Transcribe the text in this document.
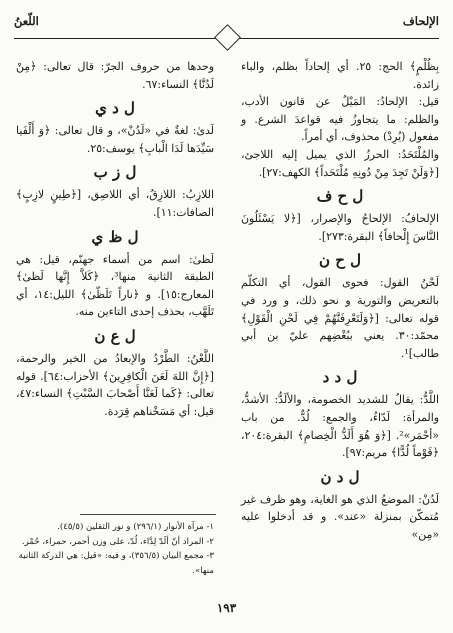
الإلحاف
اللّعنُ

بِظُلْمٍ﴾ الحج: ٢٥. أي إلحاداً بظلم، والباء زائدة.

قيل: الإلحادُ: المَيْلُ عن قانون الأدب، والظلم: ما يتجاوزُ فيه قواعدَ الشرع. و مفعول (يُرِدْ) محذوف، أي أمراً.

والمُلْتَحَدُ: الحرزُ الذي يميل إليه اللاجئ، [﴿وَلَنْ تَجِدَ مِنْ دُونِهِ مُلْتَحَداً﴾ الكهف:٢٧].

ل ح ف

الإلحافُ: الإلحاحُ والإصرار، [﴿لا يَسْئَلُونَ النَّاسَ إِلْحافاً﴾ البقرة:٢٧٣].

ل ح ن

لَحْنُ القول: فحوى القول، أي التكلّم بالتعريض والتورية و نحو ذلك، و ورد في قوله تعالى: [﴿وَلَتَعْرِفَنَّهُمْ فِي لَحْنِ الْقَوْلِ﴾ محمّد:٣٠. يعني ببُغْضِهم عليّ بن أبي طالب]¹.

ل د د

اللَّدُّ: يقالُ للشديد الخصومة، والألَدُّ: الأشدُّ، والمرأة: لَدّاءُ، والجمع: لُدٌّ. من باب «أحْمَر»². [﴿وَ هُوَ أَلَدُّ الْخِصامِ﴾ البقرة:٢٠٤، ﴿قَوْماً لُدًّا﴾ مريم:٩٧].

ل د ن

لَدُنْ: الموضعُ الذي هو الغاية، وهو ظرف غير مُتمكّن بمنزلة «عند». و قد أدخلوا عليه «مِن»

وحدها من حروف الجرّ: قال تعالى: ﴿مِنْ لَدُنَّا﴾ النساء:٦٧.

ل د ي

لَدىٰ: لغةٌ في «لَدُنْ»، و قال تعالى: ﴿وَ أَلْفَيا سَيِّدَها لَدَا الْبابِ﴾ يوسف:٢٥.

ل ز ب

اللازِبُ: اللازِقُ، أي اللاصِق، [﴿طِينٍ لازِبٍ﴾ الصافات:١١].

ل ظ ي

لَظىٰ: اسم من أسماء جهنّم، قيل: هي الطبقة الثانية منها³، ﴿كَلاَّ إِنَّها لَظىٰ﴾ المعارج:١٥]. و ﴿ناراً تَلَظّىٰ﴾ الليل:١٤، أي تَلَهَّب، بحذف إحدى التاءين منه.

ل ع ن

اللَّعْنُ: الطَّرْدُ والإبعادُ من الخير والرحمة، [﴿إِنَّ اللهَ لَعَنَ الْكافِرِينَ﴾ الأحزاب:٦٤]. قوله تعالى: ﴿كَما لَعَنَّا أَصْحابَ السَّبْتِ﴾ النساء:٤٧، قيل: أي مَسَخْناهم قِرَدة.

١- مرآة الأنوار (٢٩٦/١) و نور الثقلين (٤٥/٥).

٢- المراد أنّ ألَدّ لِدَّاء، لُدّ، على وزن أحمر، حمراء، حُمْر.

٣- مجمع البيان (٣٥٦/٥)، و فيه: «قيل: هي الدركة الثانية منها».

١٩٣
